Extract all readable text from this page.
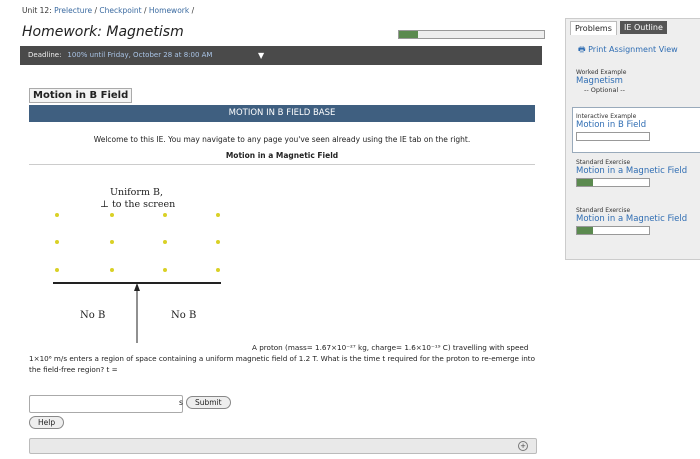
Unit 12: Prelecture / Checkpoint / Homework /
Homework: Magnetism
Deadline: 100% until Friday, October 28 at 8:00 AM	▼
Motion in B Field
MOTION IN B FIELD BASE
Welcome to this IE. You may navigate to any page you've seen already using the IE tab on the right.
Motion in a Magnetic Field
Uniform B,
⊥ to the screen
No B	No B
A proton (mass= 1.67×10⁻²⁷ kg, charge= 1.6×10⁻¹⁹ C) travelling with speed 1×10⁶ m/s enters a region of space containing a uniform magnetic field of 1.2 T. What is the time t required for the proton to re-emerge into the field-free region? t =
s	Submit
Help
+
Problems	IE Outline
🖶 Print Assignment View
Worked Example
Magnetism
-- Optional --
Interactive Example
Motion in B Field
Standard Exercise
Motion in a Magnetic Field
Standard Exercise
Motion in a Magnetic Field
